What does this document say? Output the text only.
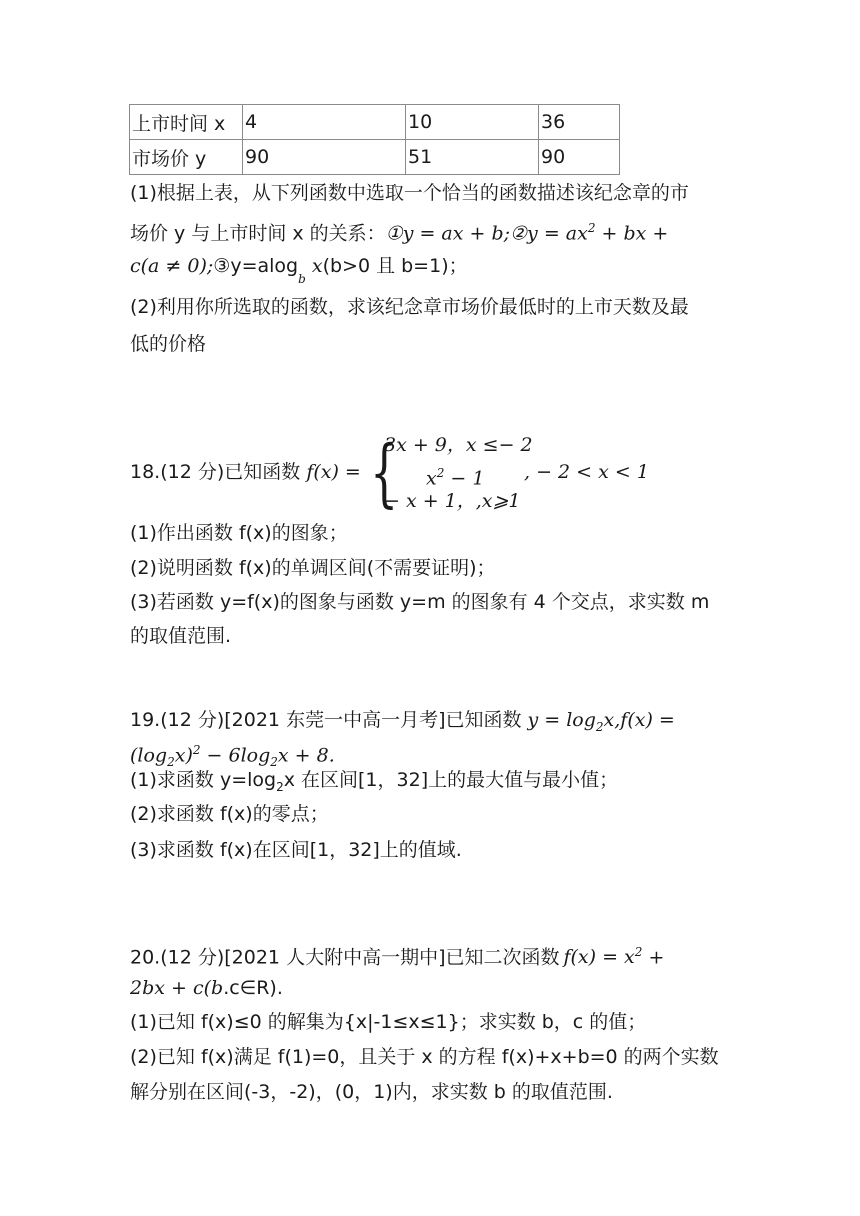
上市时间 x	4	10	36
市场价 y	90	51	90
(1)根据上表，从下列函数中选取一个恰当的函数描述该纪念章的市
场价 y 与上市时间 x 的关系：①y = ax + b;②y = $ax^2$ + bx +
c(a ≠ 0);③y=alog$_b$ x(b>0 且 b=1)；
(2)利用你所选取的函数，求该纪念章市场价最低时的上市天数及最
低的价格
18.(12 分)已知函数 f(x) = {
3x + 9，x ≤− 2
$x^2 - 1$ , − 2 < x < 1
− x + 1，,x⩾1
(1)作出函数 f(x)的图象；
(2)说明函数 f(x)的单调区间(不需要证明)；
(3)若函数 y=f(x)的图象与函数 y=m 的图象有 4 个交点，求实数 m
的取值范围.
19.(12 分)[2021 东莞一中高一月考]已知函数 $y = \log_2x,f(x)$ =
$(\log_2x)^2 - 6\log_2x + 8$.
(1)求函数 $y=\log_2x$ 在区间[1，32]上的最大值与最小值；
(2)求函数 f(x)的零点；
(3)求函数 f(x)在区间[1，32]上的值域.
20.(12 分)[2021 人大附中高一期中]已知二次函数 $f(x) = x^2$ +
2bx + c(b.c∈R).
(1)已知 f(x)≤0 的解集为{x|-1≤x≤1}；求实数 b，c 的值；
(2)已知 f(x)满足 f(1)=0，且关于 x 的方程 f(x)+x+b=0 的两个实数
解分别在区间(-3，-2)，(0，1)内，求实数 b 的取值范围.
